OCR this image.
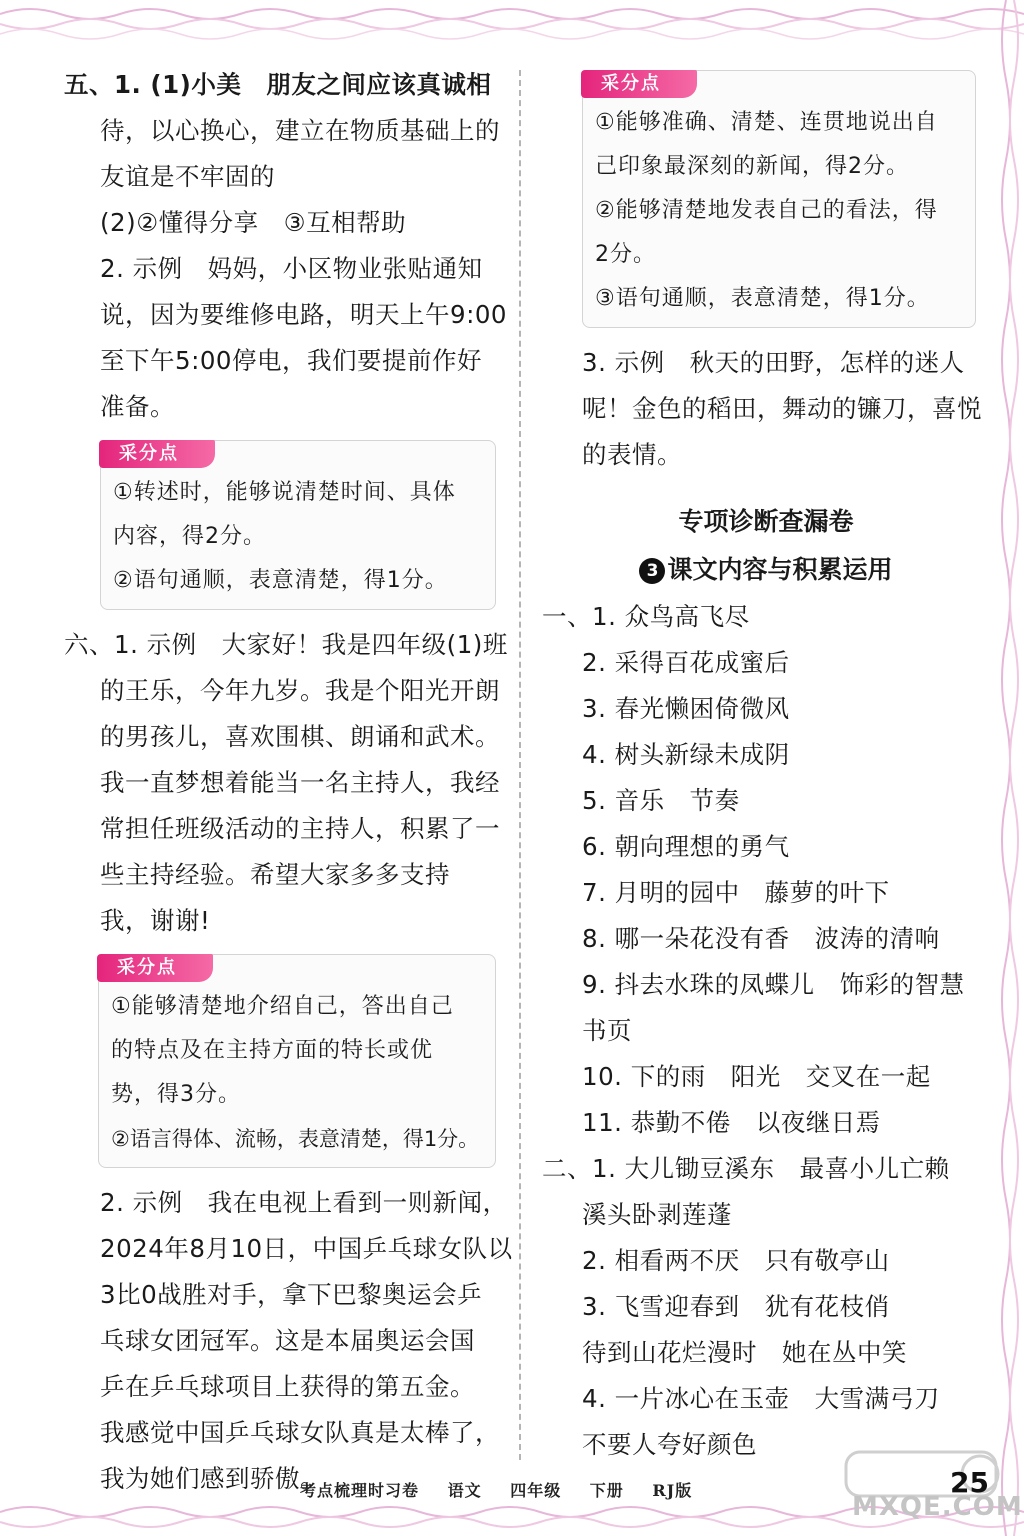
五、1. (1)小美　朋友之间应该真诚相
待，以心换心，建立在物质基础上的
友谊是不牢固的
(2)②懂得分享　③互相帮助
2. 示例　妈妈，小区物业张贴通知
说，因为要维修电路，明天上午9:00
至下午5:00停电，我们要提前作好
准备。
采分点
①转述时，能够说清楚时间、具体
内容，得2分。
②语句通顺，表意清楚，得1分。
六、1. 示例　大家好！我是四年级(1)班
的王乐，今年九岁。我是个阳光开朗
的男孩儿，喜欢围棋、朗诵和武术。
我一直梦想着能当一名主持人，我经
常担任班级活动的主持人，积累了一
些主持经验。希望大家多多支持
我，谢谢!
采分点
①能够清楚地介绍自己，答出自己
的特点及在主持方面的特长或优
势，得3分。
②语言得体、流畅，表意清楚，得1分。
2. 示例　我在电视上看到一则新闻，
2024年8月10日，中国乒乓球女队以
3比0战胜对手，拿下巴黎奥运会乒
乓球女团冠军。这是本届奥运会国
乒在乒乓球项目上获得的第五金。
我感觉中国乒乓球女队真是太棒了，
我为她们感到骄傲。
采分点
①能够准确、清楚、连贯地说出自
己印象最深刻的新闻，得2分。
②能够清楚地发表自己的看法，得
2分。
③语句通顺，表意清楚，得1分。
3. 示例　秋天的田野，怎样的迷人
呢！金色的稻田，舞动的镰刀，喜悦
的表情。
专项诊断查漏卷
3 课文内容与积累运用
一、1. 众鸟高飞尽
2. 采得百花成蜜后
3. 春光懒困倚微风
4. 树头新绿未成阴
5. 音乐　节奏
6. 朝向理想的勇气
7. 月明的园中　藤萝的叶下
8. 哪一朵花没有香　波涛的清响
9. 抖去水珠的凤蝶儿　饰彩的智慧
书页
10. 下的雨　阳光　交叉在一起
11. 恭勤不倦　以夜继日焉
二、1. 大儿锄豆溪东　最喜小儿亡赖
溪头卧剥莲蓬
2. 相看两不厌　只有敬亭山
3. 飞雪迎春到　犹有花枝俏
待到山花烂漫时　她在丛中笑
4. 一片冰心在玉壶　大雪满弓刀
不要人夸好颜色
考点梳理时习卷 语文 四年级 下册 RJ版
MXQE.COM
25
